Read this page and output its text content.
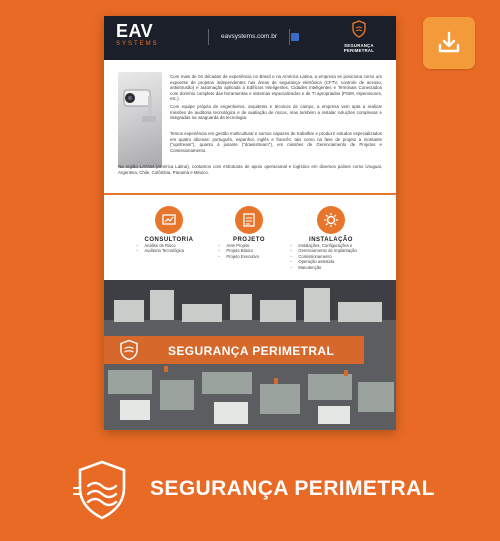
EAV
SYSTEMS
eavsystems.com.br
SEGURANÇA
PERIMETRAL

Com mais de 04 décadas de experiência no Brasil e na América Latina, a empresa se posiciona como um expoente de projetos independentes nas áreas de segurança eletrônica (CFTV, controle de acesso, antiintrusão) e automação aplicada a Edifícios Inteligentes, Cidades Inteligentes e Terminais Conectados com domínio completo das ferramentas e sistemas especializados e de TI apropriados (PSIM, Hipervisores, etc.).

Com equipe própria de engenheiros, arquitetos e técnicos de campo, a empresa vem apta a realizar missões de auditoria tecnológica e de avaliação de riscos, mas também a instalar soluções complexas e integradas na vanguarda da tecnologia.

Temos experiência em gestão multicultural e somos capazes de trabalhar e produzir estudos especializados em quatro idiomas: português, espanhol, inglês e francês, tais como na fase de projeto a montante ("upstream"), quanto à jusante ("downstream"), em missões de Gerenciamento de Projetos e Comissionamento.

Na região LATAM (América Latina), contamos com estruturas de apoio operacional e logístico em diversos países como Uruguai, Argentina, Chile, Colômbia, Panamá e México.

CONSULTORIA
– Análise de Risco
– Auditoria Tecnológica
PROJETO
– Ante Projeto
– Projeto Básico
– Projeto Executivo
INSTALAÇÃO
– Instalações, Configurações e
– Gerenciamento de Implantação
– Comissionamento
– Operação assistida
– Manutenção
SEGURANÇA PERIMETRAL
SEGURANÇA PERIMETRAL
